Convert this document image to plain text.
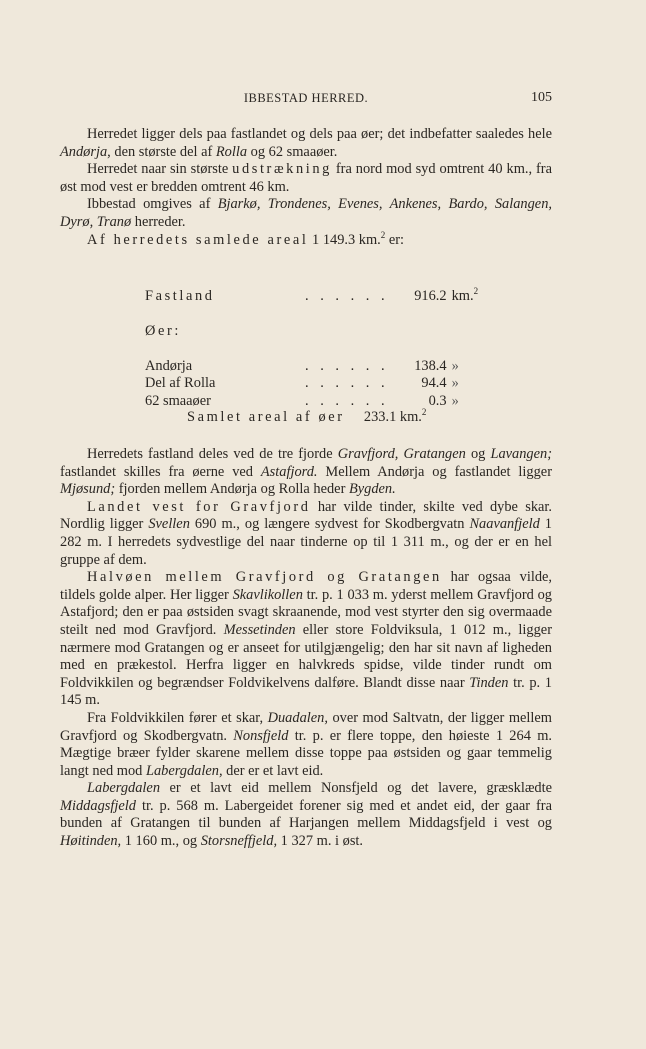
IBBESTAD HERRED.	105

Herredet ligger dels paa fastlandet og dels paa øer; det indbefatter saaledes hele Andørja, den største del af Rolla og 62 smaaøer.

Herredet naar sin største udstrækning fra nord mod syd omtrent 40 km., fra øst mod vest er bredden omtrent 46 km.

Ibbestad omgives af Bjarkø, Trondenes, Evenes, Ankenes, Bardo, Salangen, Dyrø, Tranø herreder.

Af herredets samlede areal 1 149.3 km.$^2$ er:

Fastland	. . . . . .	916.2	km.$^2$

Øer:			

Andørja	. . . . . .	138.4	»
Del af Rolla	. . . . . .	94.4	»
62 smaaøer	. . . . . .	0.3	»
Samlet areal af øer 233.1 km.$^2$

Herredets fastland deles ved de tre fjorde Gravfjord, Gratangen og Lavangen; fastlandet skilles fra øerne ved Astafjord. Mellem Andørja og fastlandet ligger Mjøsund; fjorden mellem Andørja og Rolla heder Bygden.

Landet vest for Gravfjord har vilde tinder, skilte ved dybe skar. Nordlig ligger Svellen 690 m., og længere sydvest for Skodbergvatn Naavanfjeld 1 282 m. I herredets sydvestlige del naar tinderne op til 1 311 m., og der er en hel gruppe af dem.

Halvøen mellem Gravfjord og Gratangen har ogsaa vilde, tildels golde alper. Her ligger Skavlikollen tr. p. 1 033 m. yderst mellem Gravfjord og Astafjord; den er paa østsiden svagt skraanende, mod vest styrter den sig overmaade steilt ned mod Gravfjord. Messetinden eller store Foldviksula, 1 012 m., ligger nærmere mod Gratangen og er anseet for utilgjængelig; den har sit navn af ligheden med en prækestol. Herfra ligger en halvkreds spidse, vilde tinder rundt om Foldvikkilen og begrændser Foldvikelvens dalføre. Blandt disse naar Tinden tr. p. 1 145 m.

Fra Foldvikkilen fører et skar, Duadalen, over mod Saltvatn, der ligger mellem Gravfjord og Skodbergvatn. Nonsfjeld tr. p. er flere toppe, den høieste 1 264 m. Mægtige bræer fylder skarene mellem disse toppe paa østsiden og gaar temmelig langt ned mod Labergdalen, der er et lavt eid.

Labergdalen er et lavt eid mellem Nonsfjeld og det lavere, græsklædte Middagsfjeld tr. p. 568 m. Labergeidet forener sig med et andet eid, der gaar fra bunden af Gratangen til bunden af Harjangen mellem Middagsfjeld i vest og Høitinden, 1 160 m., og Storsneffjeld, 1 327 m. i øst.
